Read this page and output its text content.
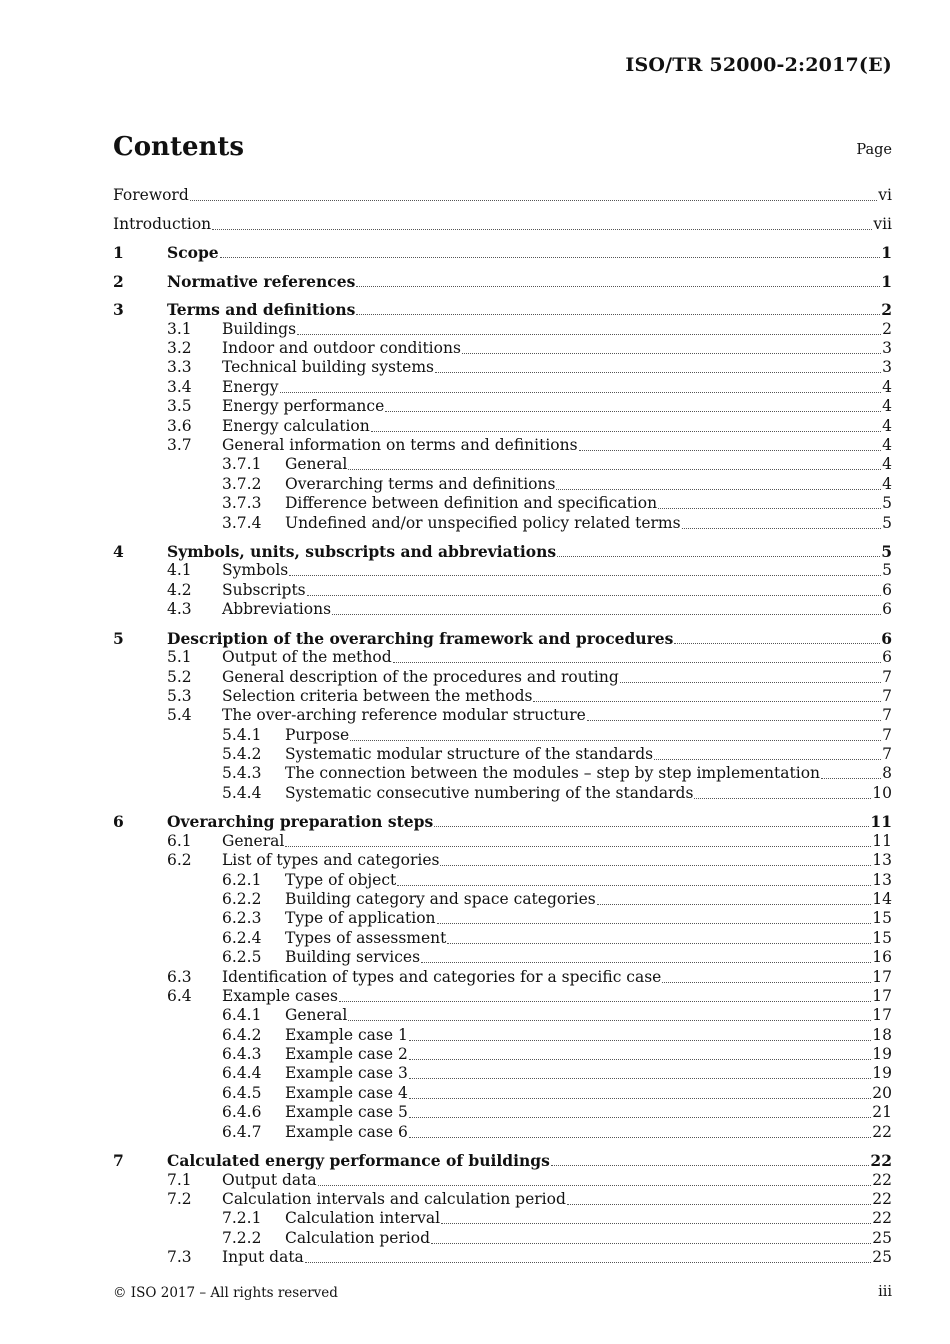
ISO/TR 52000-2:2017(E)
Contents	Page
Foreword	vi
Introduction	vii
1	Scope	1
2	Normative references	1
3	Terms and definitions	2
3.1	Buildings	2
3.2	Indoor and outdoor conditions	3
3.3	Technical building systems	3
3.4	Energy	4
3.5	Energy performance	4
3.6	Energy calculation	4
3.7	General information on terms and definitions	4
3.7.1	General	4
3.7.2	Overarching terms and definitions	4
3.7.3	Difference between definition and specification	5
3.7.4	Undefined and/or unspecified policy related terms	5
4	Symbols, units, subscripts and abbreviations	5
4.1	Symbols	5
4.2	Subscripts	6
4.3	Abbreviations	6
5	Description of the overarching framework and procedures	6
5.1	Output of the method	6
5.2	General description of the procedures and routing	7
5.3	Selection criteria between the methods	7
5.4	The over-arching reference modular structure	7
5.4.1	Purpose	7
5.4.2	Systematic modular structure of the standards	7
5.4.3	The connection between the modules – step by step implementation	8
5.4.4	Systematic consecutive numbering of the standards	10
6	Overarching preparation steps	11
6.1	General	11
6.2	List of types and categories	13
6.2.1	Type of object	13
6.2.2	Building category and space categories	14
6.2.3	Type of application	15
6.2.4	Types of assessment	15
6.2.5	Building services	16
6.3	Identification of types and categories for a specific case	17
6.4	Example cases	17
6.4.1	General	17
6.4.2	Example case 1	18
6.4.3	Example case 2	19
6.4.4	Example case 3	19
6.4.5	Example case 4	20
6.4.6	Example case 5	21
6.4.7	Example case 6	22
7	Calculated energy performance of buildings	22
7.1	Output data	22
7.2	Calculation intervals and calculation period	22
7.2.1	Calculation interval	22
7.2.2	Calculation period	25
7.3	Input data	25
© ISO 2017 – All rights reserved	iii
